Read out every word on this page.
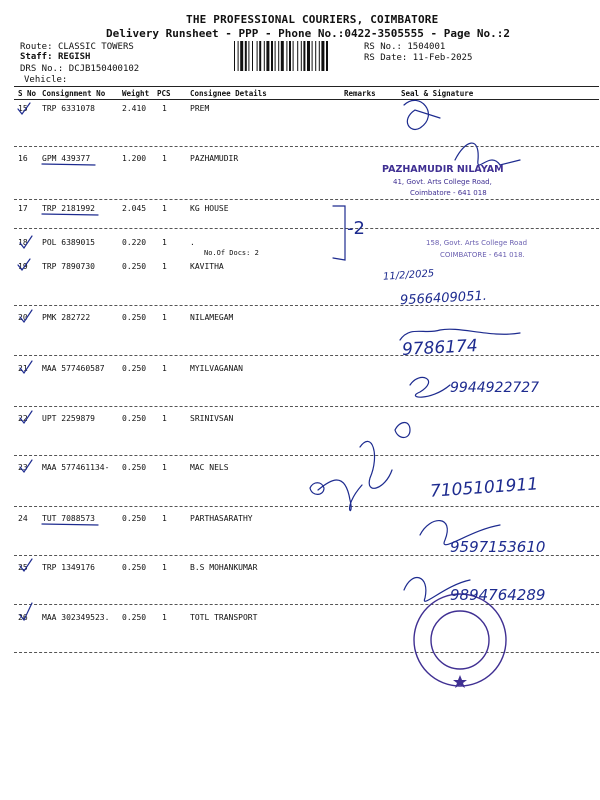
THE PROFESSIONAL COURIERS, COIMBATORE
Delivery Runsheet - PPP - Phone No.:0422-3505555 - Page No.:2
Route: CLASSIC TOWERS
Staff: REGISH
DRS No.: DCJB150400102
Vehicle:
RS No.: 1504001
RS Date: 11-Feb-2025
S No Consignment No Weight PCS	Consignee Details	Remarks	Seal & Signature
15 TRP 6331078	2.410 1	PREM
16 GPM 439377	1.200 1	PAZHAMUDIR
17 TRP 2181992	2.045 1	KG HOUSE
18 POL 6389015	0.220 1	.
No.Of Docs: 2
19 TRP 7890730	0.250 1	KAVITHA
20 PMK 282722	0.250 1	NILAMEGAM
21 MAA 577460587 0.250 1	MYILVAGANAN
22 UPT 2259879	0.250 1	SRINIVSAN
23 MAA 577461134- 0.250 1	MAC NELS
24 TUT 7088573	0.250 1	PARTHASARATHY
25 TRP 1349176	0.250 1	B.S MOHANKUMAR
26 MAA 302349523. 0.250 1	TOTL TRANSPORT
-2
11/2/2025
9566409051.
9786174
9944922727
7105101911
9597153610
9894764289
PAZHAMUDIR NILAYAM
41, Govt. Arts College Road,
Coimbatore - 641 018
158, Govt. Arts College Road
COIMBATORE - 641 018.
